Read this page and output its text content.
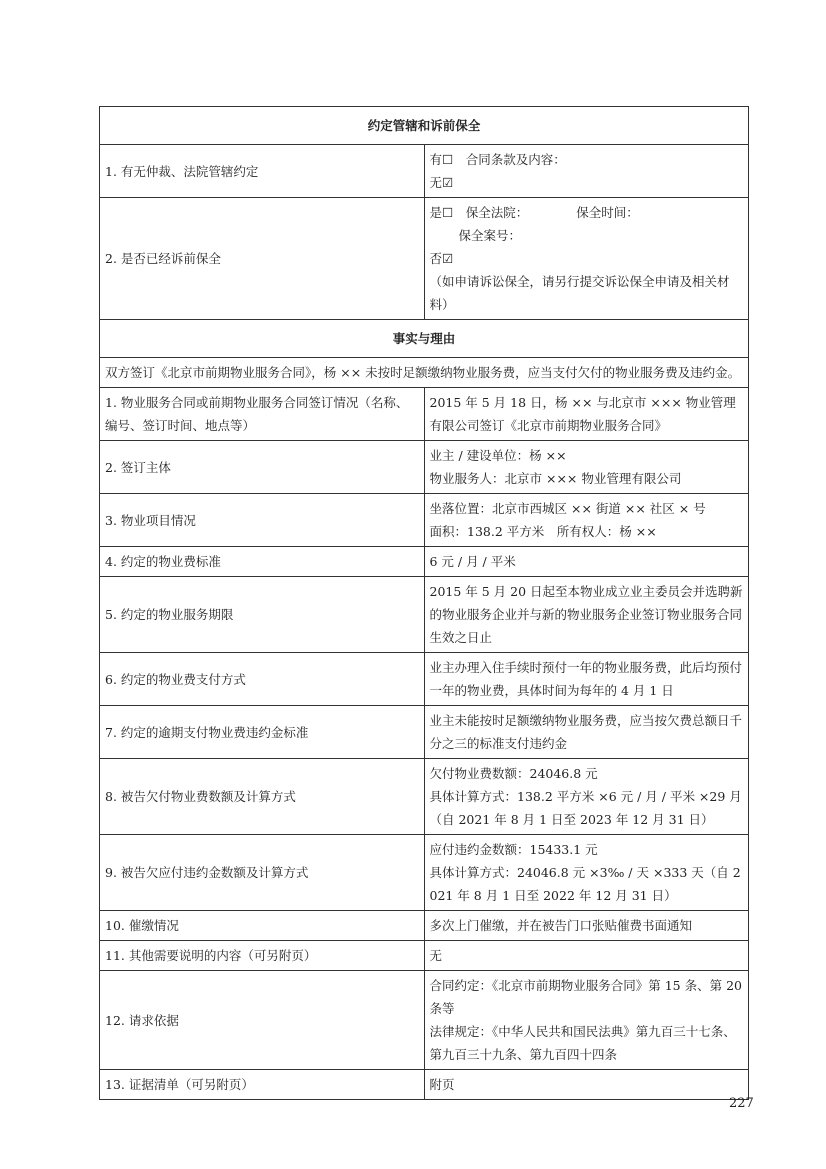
约定管辖和诉前保全	
1. 有无仲裁、法院管辖约定	有☐　 合同条款及内容：
无☑

2. 是否已经诉前保全	是☐　 保全法院： 保全时间：
保全案号：
否☑
（如申请诉讼保全，请另行提交诉讼保全申请及相关材料）

事实与理由	
双方签订《北京市前期物业服务合同》，杨 ×× 未按时足额缴纳物业服务费，应当支付欠付的物业服务费及违约金。	
1. 物业服务合同或前期物业服务合同签订情况（名称、编号、签订时间、地点等）	2015 年 5 月 18 日，杨 ×× 与北京市 ××× 物业管理有限公司签订《北京市前期物业服务合同》
2. 签订主体	业主 / 建设单位：杨 ××
物业服务人：北京市 ××× 物业管理有限公司

3. 物业项目情况	坐落位置：北京市西城区 ×× 街道 ×× 社区 × 号
面积：138.2 平方米　所有权人：杨 ××

4. 约定的物业费标准	6 元 / 月 / 平米
5. 约定的物业服务期限	2015 年 5 月 20 日起至本物业成立业主委员会并选聘新的物业服务企业并与新的物业服务企业签订物业服务合同生效之日止
6. 约定的物业费支付方式	业主办理入住手续时预付一年的物业服务费，此后均预付一年的物业费，具体时间为每年的 4 月 1 日
7. 约定的逾期支付物业费违约金标准	业主未能按时足额缴纳物业服务费，应当按欠费总额日千分之三的标准支付违约金
8. 被告欠付物业费数额及计算方式	欠付物业费数额：24046.8 元
具体计算方式：138.2 平方米 ×6 元 / 月 / 平米 ×29 月（自 2021 年 8 月 1 日至 2023 年 12 月 31 日）

9. 被告欠应付违约金数额及计算方式	应付违约金数额：15433.1 元
具体计算方式：24046.8 元 ×3‰ / 天 ×333 天（自 2021 年 8 月 1 日至 2022 年 12 月 31 日）

10. 催缴情况	多次上门催缴，并在被告门口张贴催费书面通知
11. 其他需要说明的内容（可另附页）	无
12. 请求依据	合同约定：《北京市前期物业服务合同》第 15 条、第 20 条等
法律规定：《中华人民共和国民法典》第九百三十七条、第九百三十九条、第九百四十四条

13. 证据清单（可另附页）	附页
227
